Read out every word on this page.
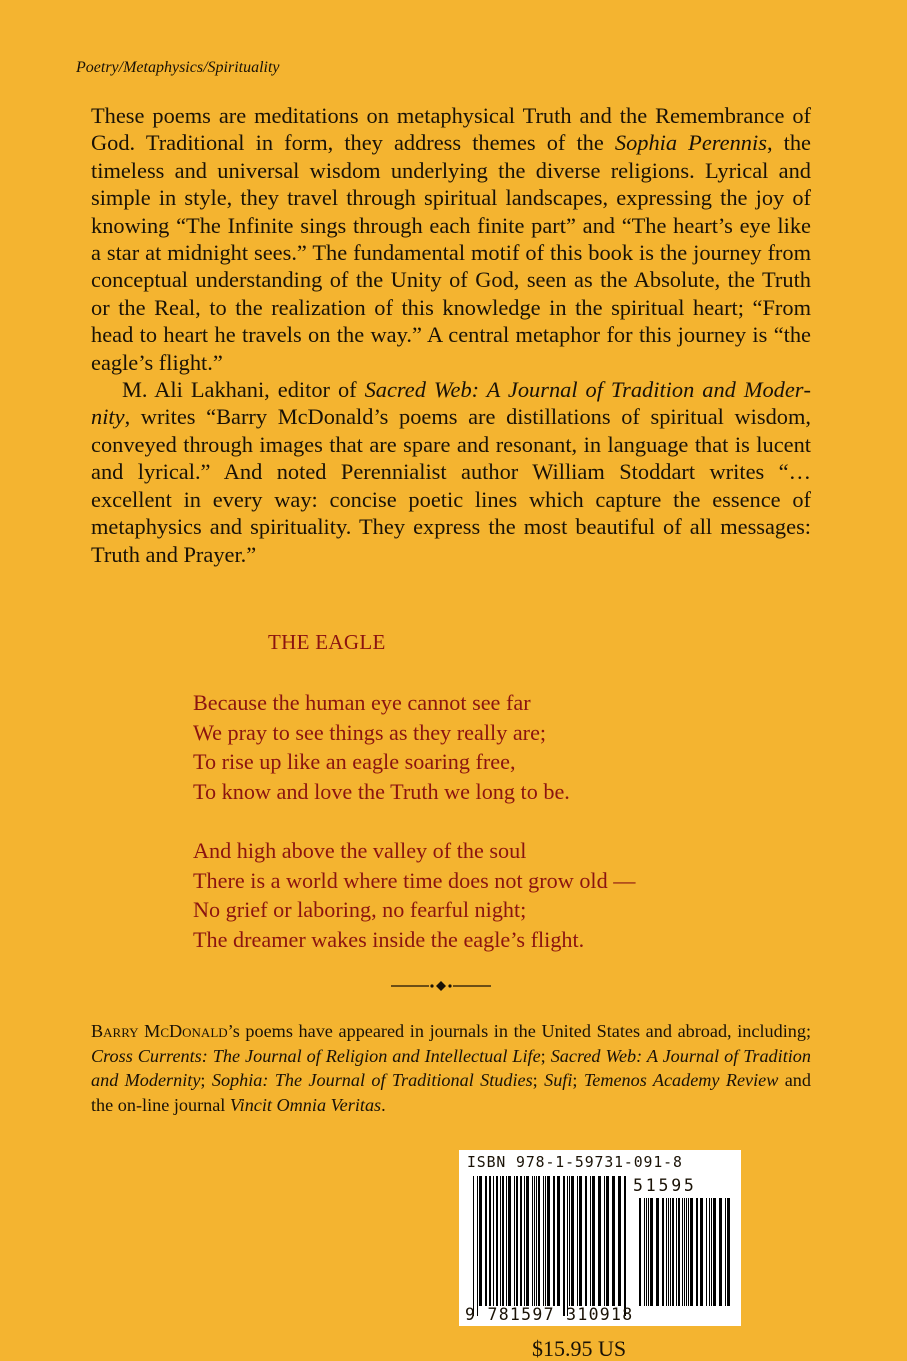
Poetry/Metaphysics/Spirituality

These poems are meditations on metaphysical Truth and the Remembrance of God. Traditional in form, they address themes of the Sophia Perennis, the timeless and universal wisdom underlying the diverse religions. Lyrical and simple in style, they travel through spiritual landscapes, expressing the joy of knowing “The Infinite sings through each finite part” and “The heart’s eye like a star at midnight sees.” The fundamental motif of this book is the journey from conceptual understanding of the Unity of God, seen as the Absolute, the Truth or the Real, to the realization of this knowledge in the spiritual heart; “From head to heart he travels on the way.” A central metaphor for this journey is “the eagle’s flight.”

M. Ali Lakhani, editor of Sacred Web: A Journal of Tradition and Modernity, writes “Barry McDonald’s poems are distillations of spiritual wisdom, conveyed through images that are spare and resonant, in language that is lucent and lyrical.” And noted Perennialist author William Stoddart writes “… excellent in every way: concise poetic lines which capture the essence of metaphysics and spirituality. They express the most beautiful of all messages: Truth and Prayer.”

THE EAGLE
Because the human eye cannot see far
We pray to see things as they really are;
To rise up like an eagle soaring free,
To know and love the Truth we long to be.
And high above the valley of the soul
There is a world where time does not grow old —
No grief or laboring, no fearful night;
The dreamer wakes inside the eagle’s flight.
Barry McDonald’s poems have appeared in journals in the United States and abroad, including; Cross Currents: The Journal of Religion and Intellectual Life; Sacred Web: A Journal of Tradition and Modernity; Sophia: The Journal of Traditional Studies; Sufi; Temenos Academy Review and the on-line journal Vincit Omnia Veritas.
ISBN 978-1-59731-091-8
51595
9 781597 310918
$15.95 US
